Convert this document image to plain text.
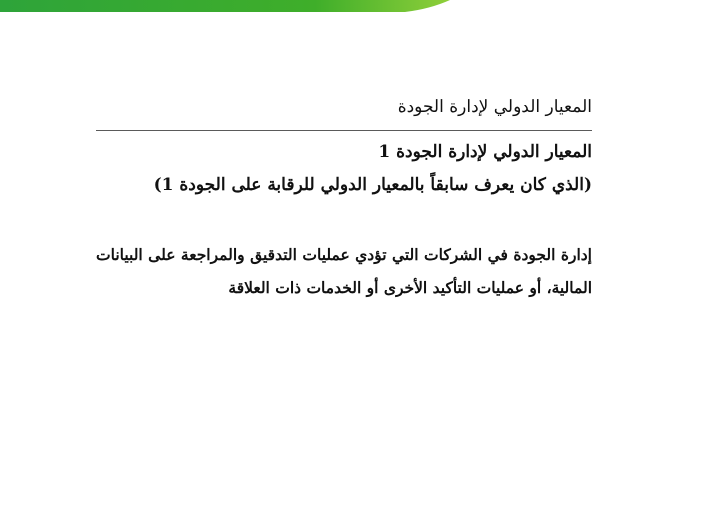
المعيار الدولي لإدارة الجودة
المعيار الدولي لإدارة الجودة 1
(الذي كان يعرف سابقاً بالمعيار الدولي للرقابة على الجودة 1)

إدارة الجودة في الشركات التي تؤدي عمليات التدقيق والمراجعة على البيانات المالية، أو عمليات التأكيد الأخرى أو الخدمات ذات العلاقة
